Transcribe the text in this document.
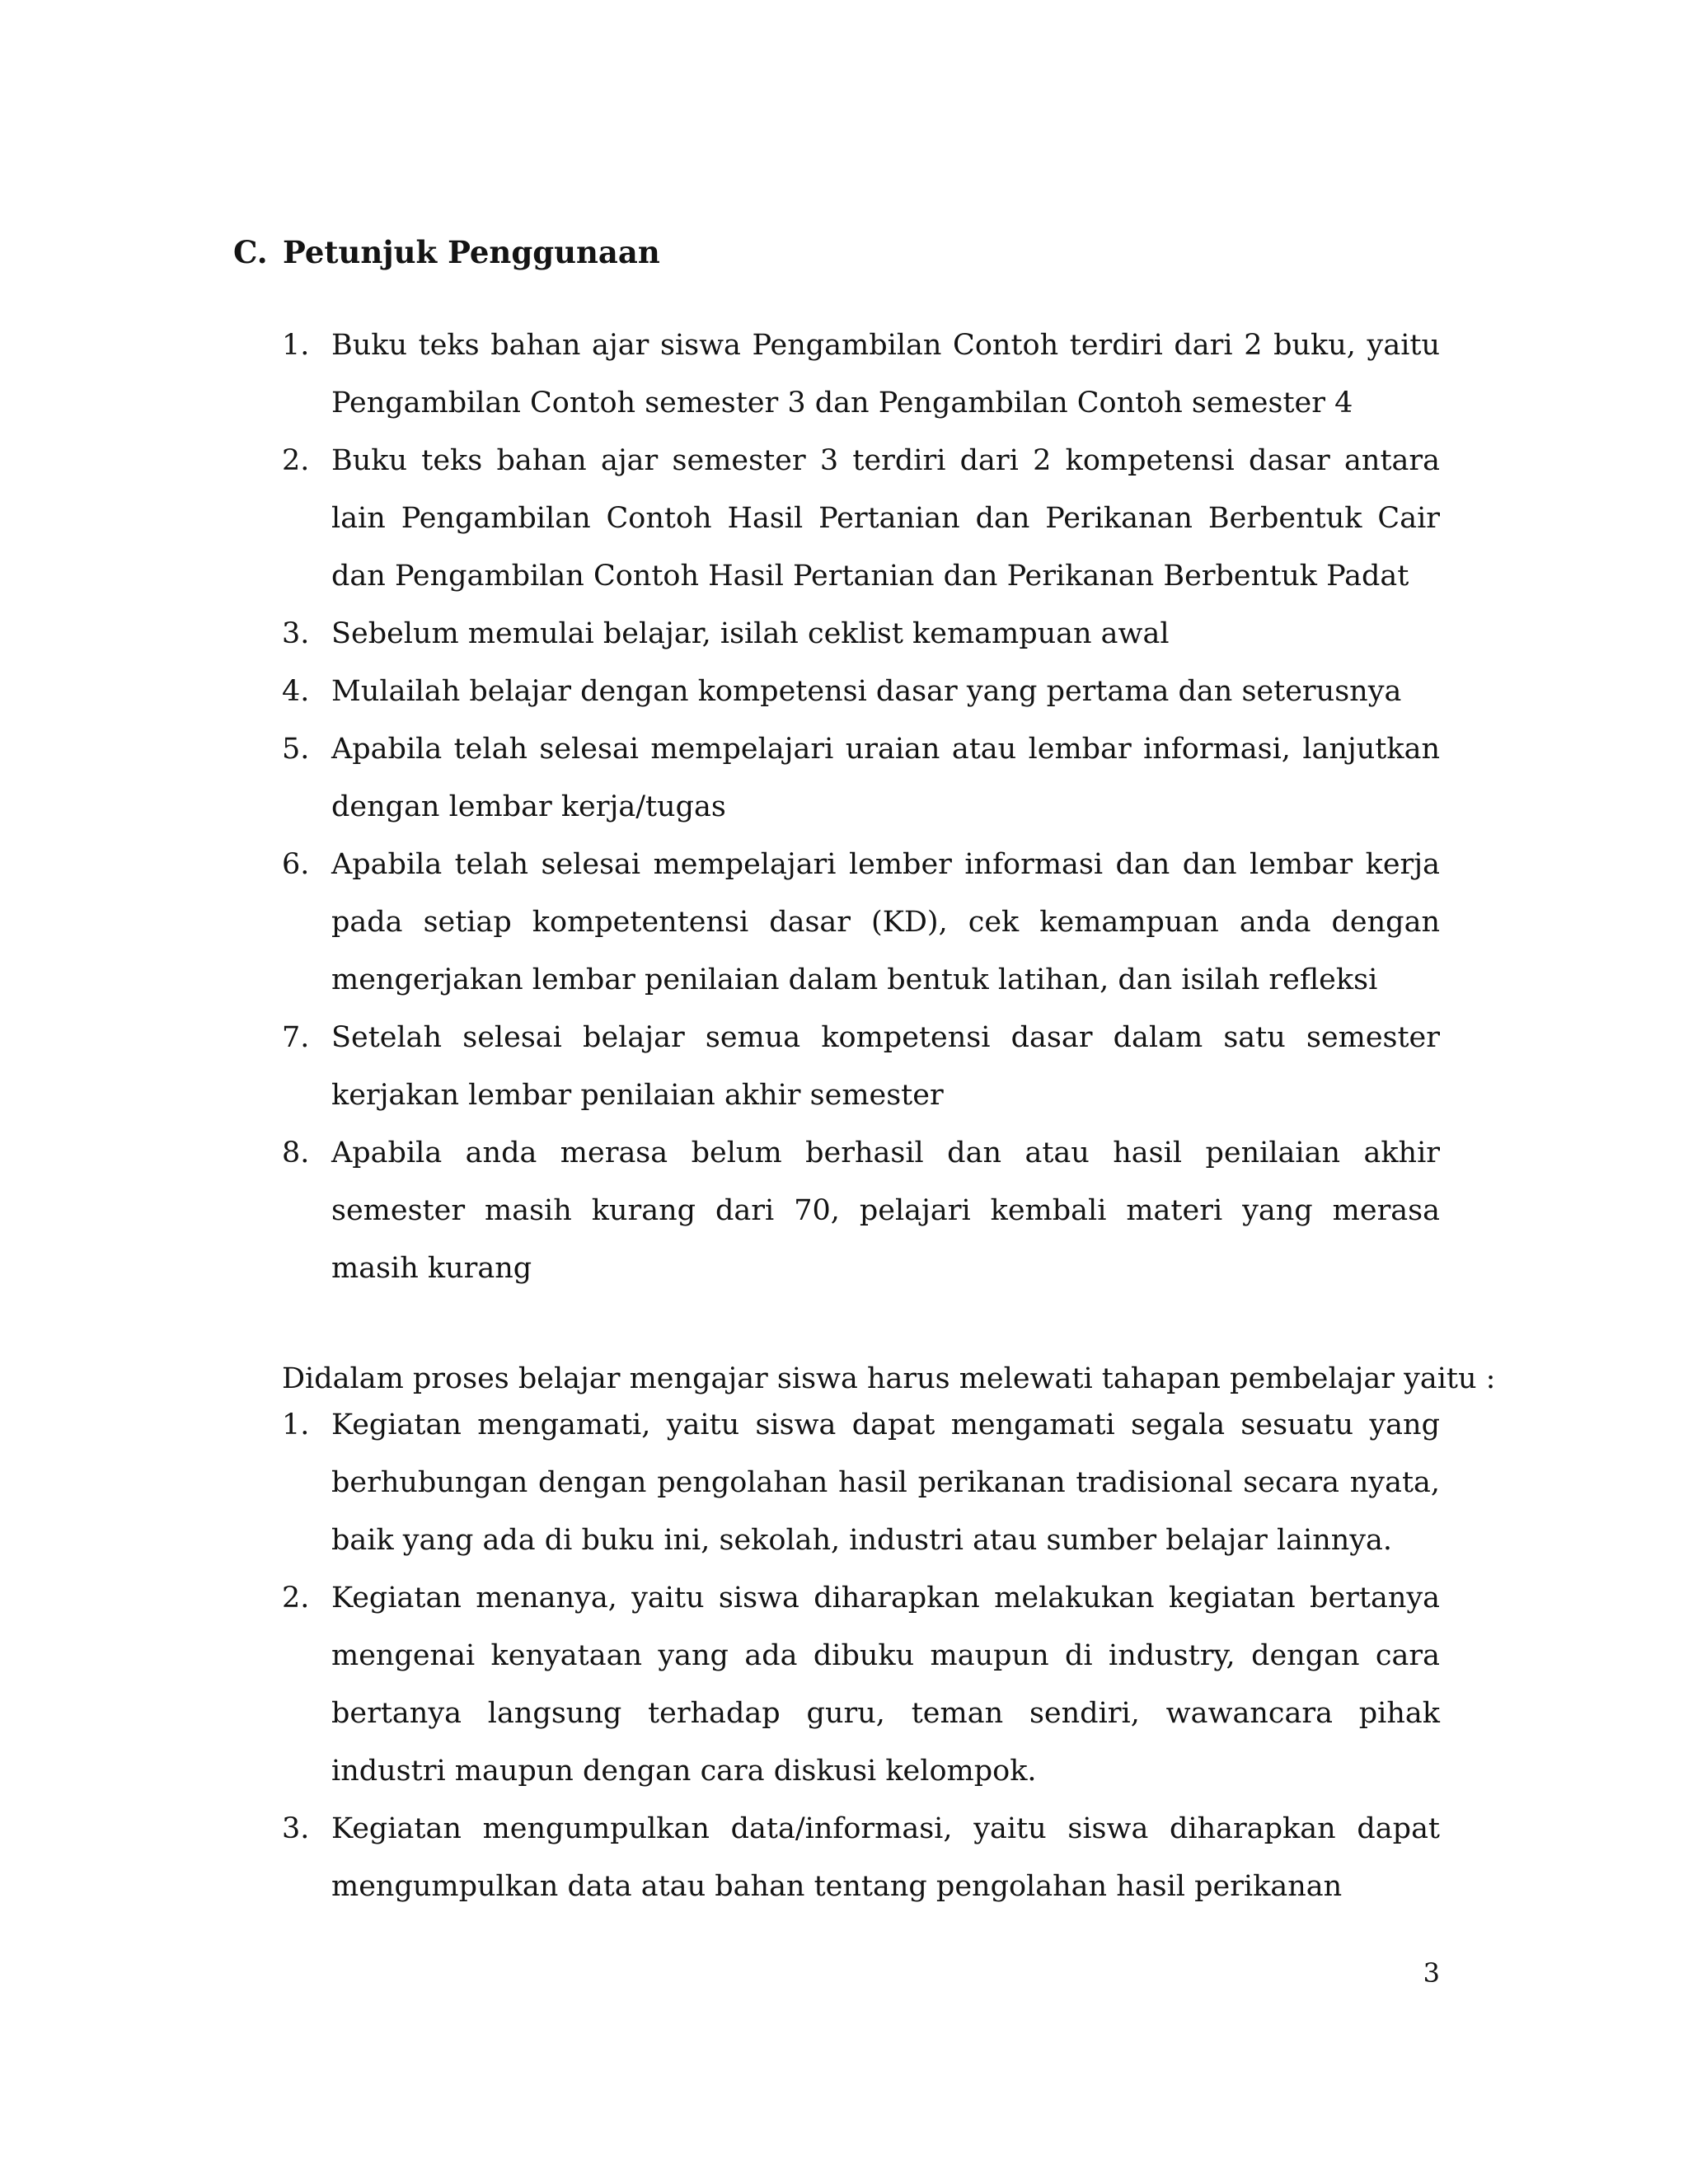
C. Petunjuk Penggunaan
1. Buku teks bahan ajar siswa Pengambilan Contoh terdiri dari 2 buku, yaitu Pengambilan Contoh semester 3 dan Pengambilan Contoh semester 4
2. Buku teks bahan ajar semester 3 terdiri dari 2 kompetensi dasar antara lain Pengambilan Contoh Hasil Pertanian dan Perikanan Berbentuk Cair dan Pengambilan Contoh Hasil Pertanian dan Perikanan Berbentuk Padat
3. Sebelum memulai belajar, isilah ceklist kemampuan awal
4. Mulailah belajar dengan kompetensi dasar yang pertama dan seterusnya
5. Apabila telah selesai mempelajari uraian atau lembar informasi, lanjutkan dengan lembar kerja/tugas
6. Apabila telah selesai mempelajari lember informasi dan dan lembar kerja pada setiap kompetentensi dasar (KD), cek kemampuan anda dengan mengerjakan lembar penilaian dalam bentuk latihan, dan isilah refleksi
7. Setelah selesai belajar semua kompetensi dasar dalam satu semester kerjakan lembar penilaian akhir semester
8. Apabila anda merasa belum berhasil dan atau hasil penilaian akhir semester masih kurang dari 70, pelajari kembali materi yang merasa masih kurang

Didalam proses belajar mengajar siswa harus melewati tahapan pembelajar yaitu :

1. Kegiatan mengamati, yaitu siswa dapat mengamati segala sesuatu yang berhubungan dengan pengolahan hasil perikanan tradisional secara nyata, baik yang ada di buku ini, sekolah, industri atau sumber belajar lainnya.
2. Kegiatan menanya, yaitu siswa diharapkan melakukan kegiatan bertanya mengenai kenyataan yang ada dibuku maupun di industry, dengan cara bertanya langsung terhadap guru, teman sendiri, wawancara pihak industri maupun dengan cara diskusi kelompok.
3. Kegiatan mengumpulkan data/informasi, yaitu siswa diharapkan dapat mengumpulkan data atau bahan tentang pengolahan hasil perikanan
3
